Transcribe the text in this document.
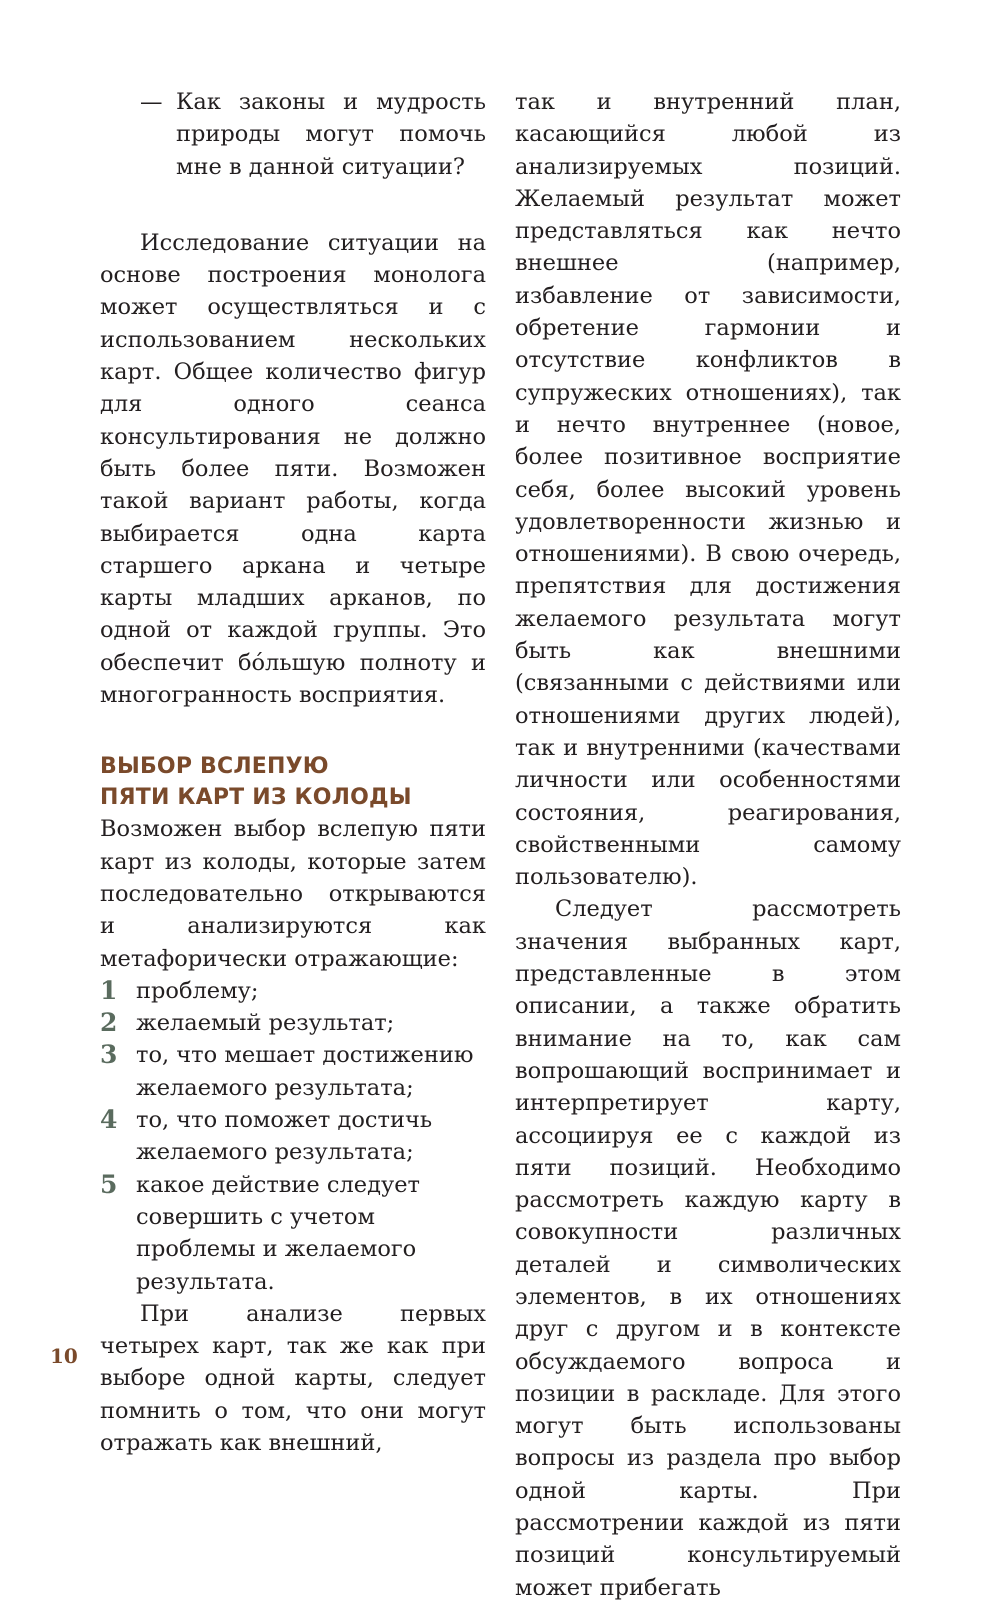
— Как законы и мудрость природы могут помочь мне в данной ситуации?

Исследование ситуации на основе построения монолога может осуществляться и с использованием нескольких карт. Общее количество фигур для одного сеанса консультирования не должно быть более пяти. Возможен такой вариант работы, когда выбирается одна карта старшего аркана и четыре карты младших арканов, по одной от каждой группы. Это обеспечит бóльшую полноту и многогранность восприятия.

ВЫБОР ВСЛЕПУЮ
ПЯТИ КАРТ ИЗ КОЛОДЫ

Возможен выбор вслепую пяти карт из колоды, которые затем последовательно открываются и анализируются как метафорически отражающие:

1 проблему;
2 желаемый результат;
3 то, что мешает достижению желаемого результата;
4 то, что поможет достичь желаемого результата;
5 какое действие следует совершить с учетом проблемы и желаемого результата.

При анализе первых четырех карт, так же как при выборе одной карты, следует помнить о том, что они могут отражать как внешний,

так и внутренний план, касающийся любой из анализируемых позиций. Желаемый результат может представляться как нечто внешнее (например, избавление от зависимости, обретение гармонии и отсутствие конфликтов в супружеских отношениях), так и нечто внутреннее (новое, более позитивное восприятие себя, более высокий уровень удовлетворенности жизнью и отношениями). В свою очередь, препятствия для достижения желаемого результата могут быть как внешними (связанными с действиями или отношениями других людей), так и внутренними (качествами личности или особенностями состояния, реагирования, свойственными самому пользователю).

Следует рассмотреть значения выбранных карт, представленные в этом описании, а также обратить внимание на то, как сам вопрошающий воспринимает и интерпретирует карту, ассоциируя ее с каждой из пяти позиций. Необходимо рассмотреть каждую карту в совокупности различных деталей и символических элементов, в их отношениях друг с другом и в контексте обсуждаемого вопроса и позиции в раскладе. Для этого могут быть использованы вопросы из раздела про выбор одной карты. При рассмотрении каждой из пяти позиций консультируемый может прибегать

10
